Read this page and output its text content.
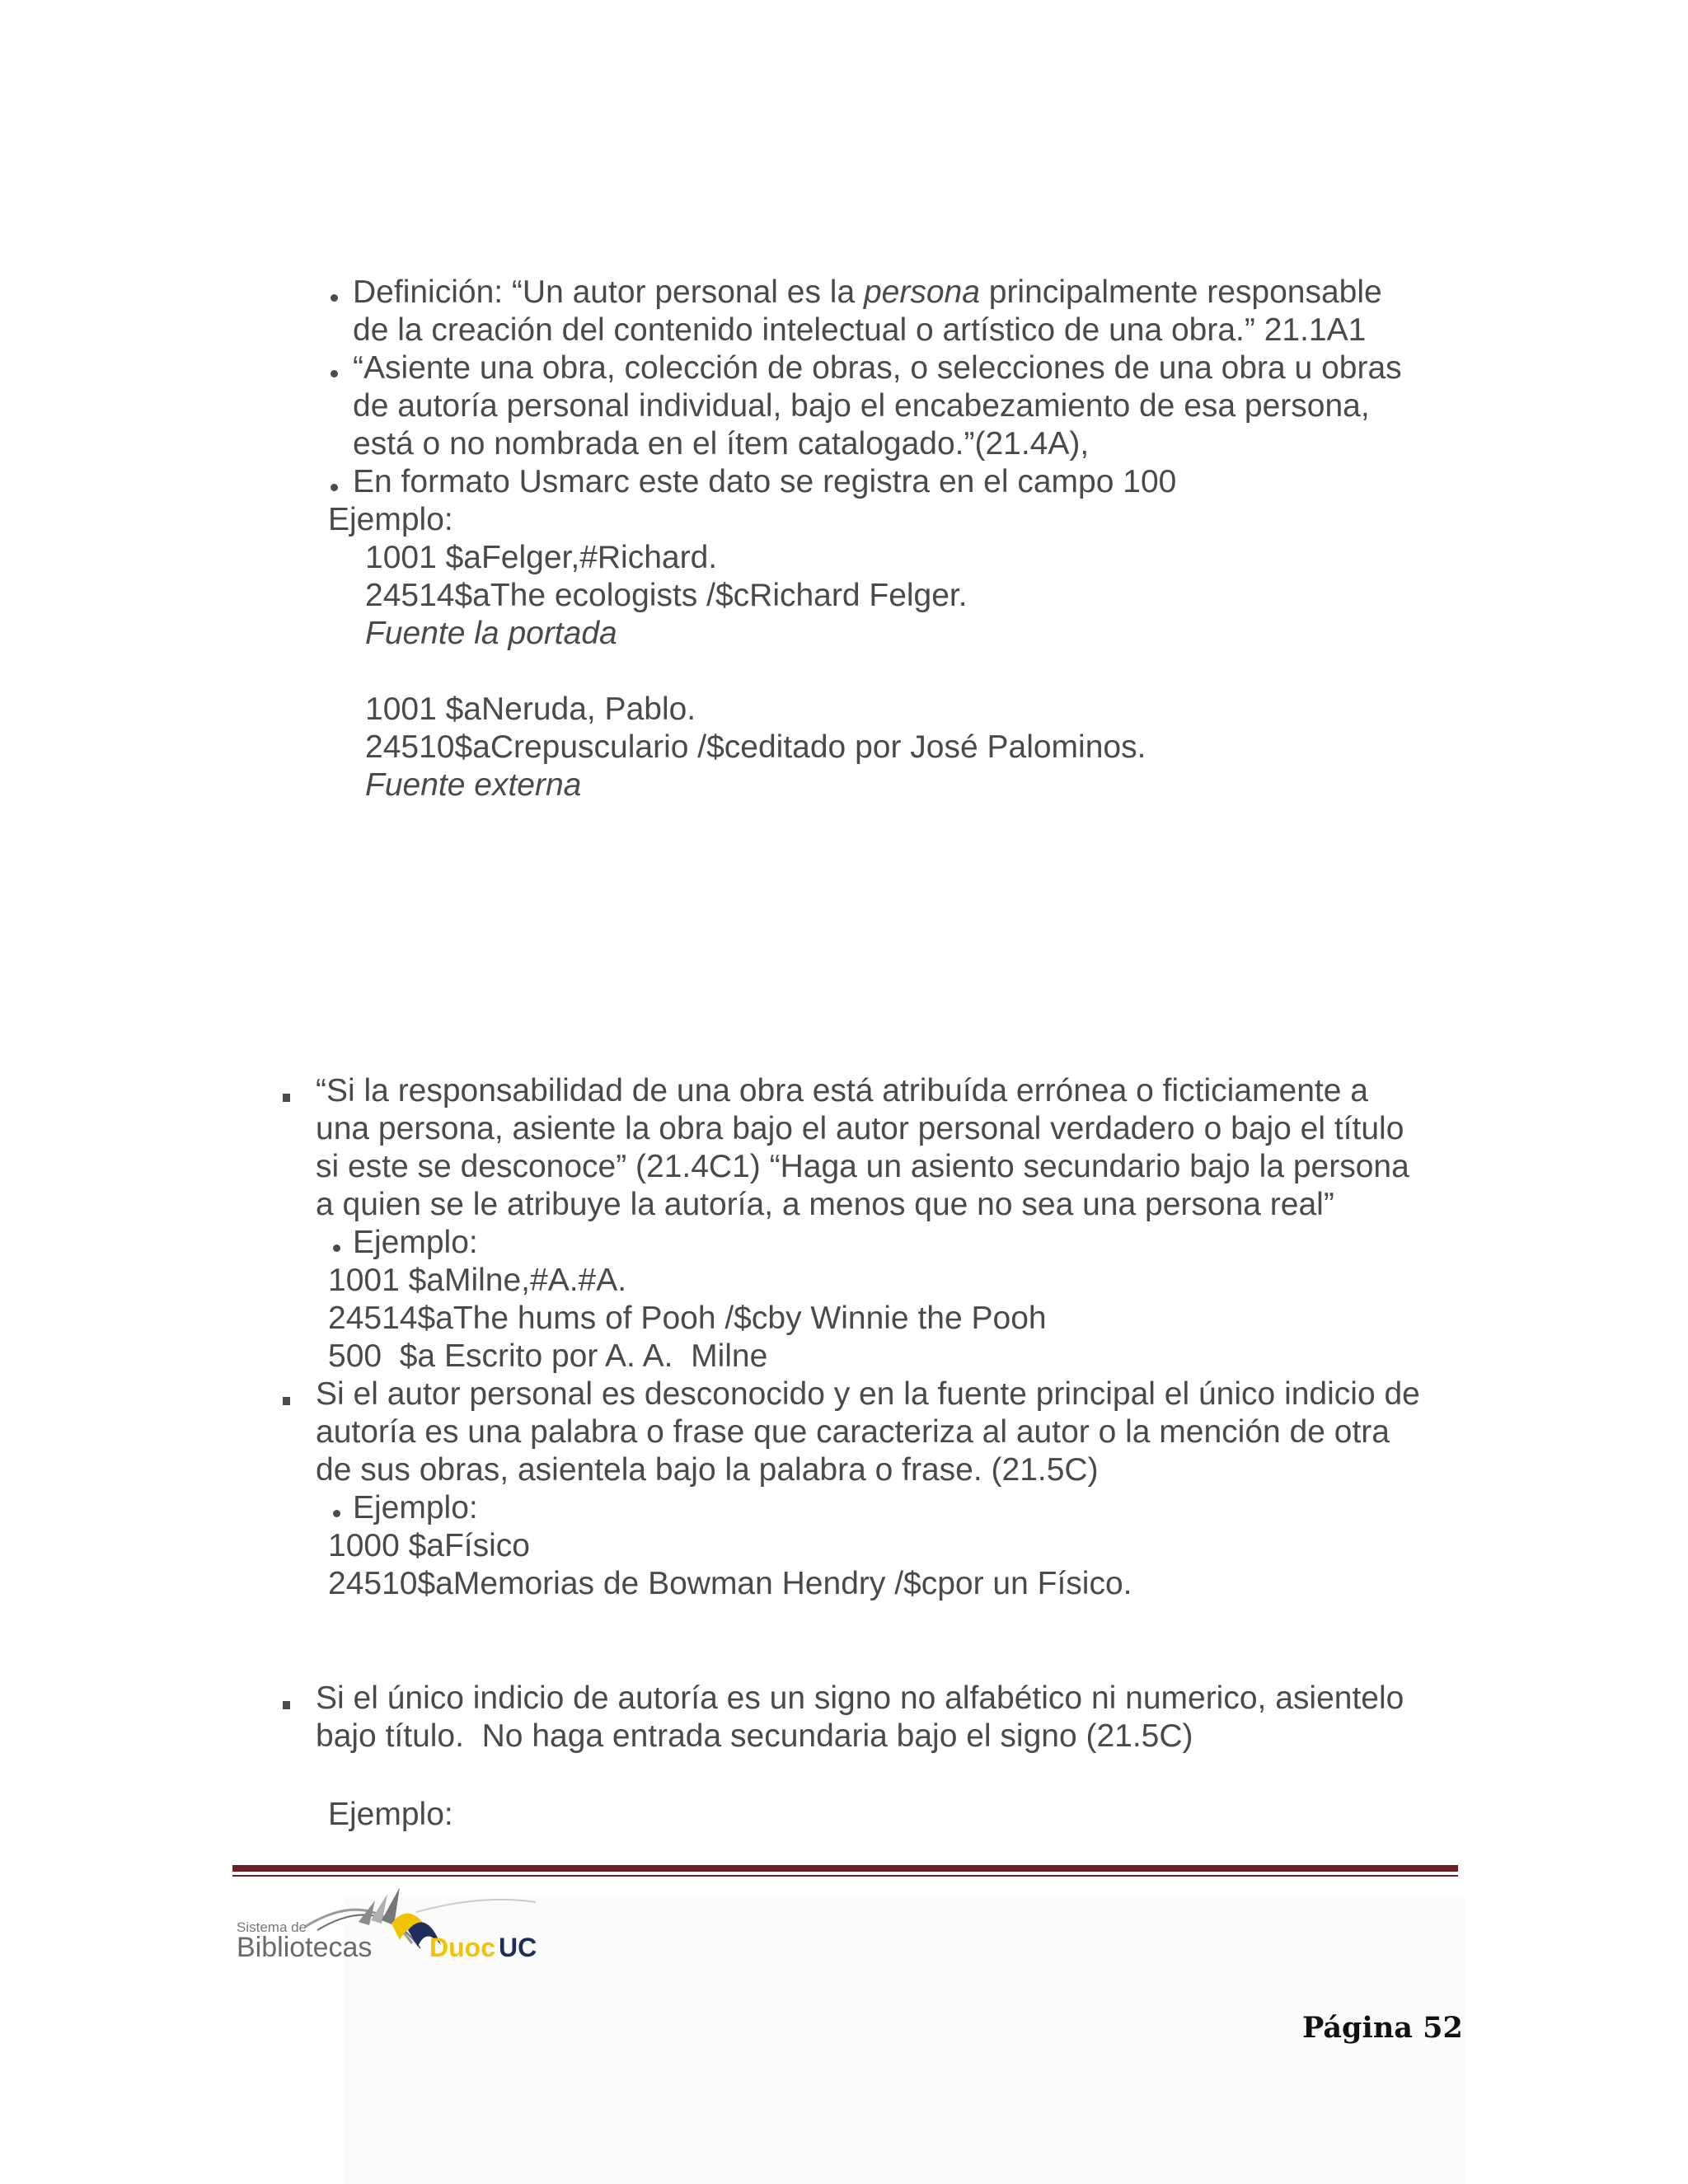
Definición: “Un autor personal es la persona principalmente responsable
de la creación del contenido intelectual o artístico de una obra.” 21.1A1
“Asiente una obra, colección de obras, o selecciones de una obra u obras
de autoría personal individual, bajo el encabezamiento de esa persona,
está o no nombrada en el ítem catalogado.”(21.4A),
En formato Usmarc este dato se registra en el campo 100
Ejemplo:
1001 $aFelger,#Richard.
24514$aThe ecologists /$cRichard Felger.
Fuente la portada
1001 $aNeruda, Pablo.
24510$aCrepusculario /$ceditado por José Palominos.
Fuente externa
“Si la responsabilidad de una obra está atribuída errónea o ficticiamente a
una persona, asiente la obra bajo el autor personal verdadero o bajo el título
si este se desconoce” (21.4C1) “Haga un asiento secundario bajo la persona
a quien se le atribuye la autoría, a menos que no sea una persona real”
Ejemplo:
1001 $aMilne,#A.#A.
24514$aThe hums of Pooh /$cby Winnie the Pooh
500  $a Escrito por A. A.  Milne
Si el autor personal es desconocido y en la fuente principal el único indicio de
autoría es una palabra o frase que caracteriza al autor o la mención de otra
de sus obras, asientela bajo la palabra o frase. (21.5C)
Ejemplo:
1000 $aFísico
24510$aMemorias de Bowman Hendry /$cpor un Físico.
Si el único indicio de autoría es un signo no alfabético ni numerico, asientelo
bajo título.  No haga entrada secundaria bajo el signo (21.5C)
Ejemplo:
Sistema de
Bibliotecas Duoc UC
Página 52
